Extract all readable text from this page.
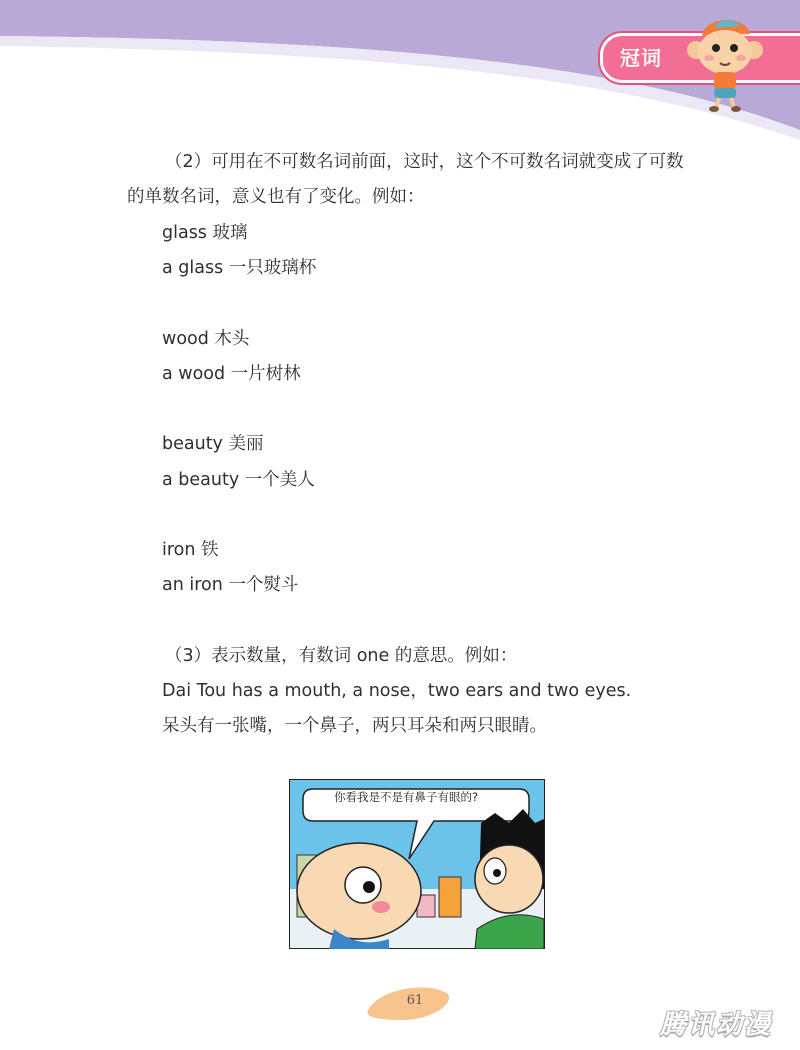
冠词
（2）可用在不可数名词前面，这时，这个不可数名词就变成了可数
的单数名词，意义也有了变化。例如：
glass 玻璃
a glass 一只玻璃杯
wood 木头
a wood 一片树林
beauty 美丽
a beauty 一个美人
iron 铁
an iron 一个熨斗
（3）表示数量，有数词 one 的意思。例如：
Dai Tou has a mouth, a nose，two ears and two eyes.
呆头有一张嘴，一个鼻子，两只耳朵和两只眼睛。
你看我是不是有鼻子有眼的?
61
腾讯动漫
